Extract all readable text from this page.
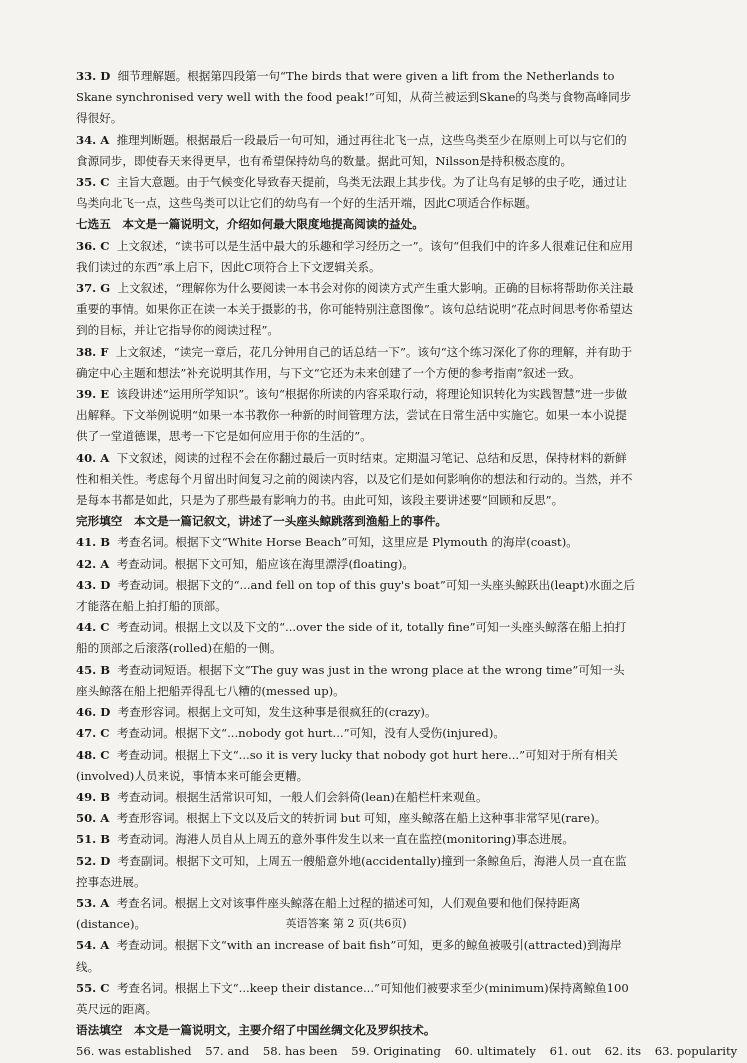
33. D 细节理解题。根据第四段第一句“The birds that were given a lift from the Netherlands to Skane synchronised very well with the food peak!”可知，从荷兰被运到Skane的鸟类与食物高峰同步得很好。

34. A 推理判断题。根据最后一段最后一句可知，通过再往北飞一点，这些鸟类至少在原则上可以与它们的食源同步，即使春天来得更早，也有希望保持幼鸟的数量。据此可知，Nilsson是持积极态度的。

35. C 主旨大意题。由于气候变化导致春天提前，鸟类无法跟上其步伐。为了让鸟有足够的虫子吃，通过让鸟类向北飞一点，这些鸟类可以让它们的幼鸟有一个好的生活开端，因此C项适合作标题。

七选五　本文是一篇说明文，介绍如何最大限度地提高阅读的益处。

36. C 上文叙述，“读书可以是生活中最大的乐趣和学习经历之一”。该句“但我们中的许多人很难记住和应用我们读过的东西”承上启下，因此C项符合上下文逻辑关系。

37. G 上文叙述，“理解你为什么要阅读一本书会对你的阅读方式产生重大影响。正确的目标将帮助你关注最重要的事情。如果你正在读一本关于摄影的书，你可能特别注意图像”。该句总结说明“花点时间思考你希望达到的目标，并让它指导你的阅读过程”。

38. F 上文叙述，“读完一章后，花几分钟用自己的话总结一下”。该句“这个练习深化了你的理解，并有助于确定中心主题和想法”补充说明其作用，与下文“它还为未来创建了一个方便的参考指南”叙述一致。

39. E 该段讲述“运用所学知识”。该句“根据你所读的内容采取行动，将理论知识转化为实践智慧”进一步做出解释。下文举例说明“如果一本书教你一种新的时间管理方法，尝试在日常生活中实施它。如果一本小说提供了一堂道德课，思考一下它是如何应用于你的生活的”。

40. A 下文叙述，阅读的过程不会在你翻过最后一页时结束。定期温习笔记、总结和反思，保持材料的新鲜性和相关性。考虑每个月留出时间复习之前的阅读内容，以及它们是如何影响你的想法和行动的。当然，并不是每本书都是如此，只是为了那些最有影响力的书。由此可知，该段主要讲述要“回顾和反思”。

完形填空　本文是一篇记叙文，讲述了一头座头鲸跳落到渔船上的事件。

41. B 考查名词。根据下文“White Horse Beach”可知，这里应是 Plymouth 的海岸(coast)。

42. A 考查动词。根据下文可知，船应该在海里漂浮(floating)。

43. D 考查动词。根据下文的“...and fell on top of this guy's boat”可知一头座头鲸跃出(leapt)水面之后才能落在船上拍打船的顶部。

44. C 考查动词。根据上文以及下文的“...over the side of it, totally fine”可知一头座头鲸落在船上拍打船的顶部之后滚落(rolled)在船的一侧。

45. B 考查动词短语。根据下文“The guy was just in the wrong place at the wrong time”可知一头座头鲸落在船上把船弄得乱七八糟的(messed up)。

46. D 考查形容词。根据上文可知，发生这种事是很疯狂的(crazy)。

47. C 考查动词。根据下文“...nobody got hurt...”可知，没有人受伤(injured)。

48. C 考查动词。根据上下文“...so it is very lucky that nobody got hurt here...”可知对于所有相关(involved)人员来说，事情本来可能会更糟。

49. B 考查动词。根据生活常识可知，一般人们会斜倚(lean)在船栏杆来观鱼。

50. A 考查形容词。根据上下文以及后文的转折词 but 可知，座头鲸落在船上这种事非常罕见(rare)。

51. B 考查动词。海港人员自从上周五的意外事件发生以来一直在监控(monitoring)事态进展。

52. D 考查副词。根据下文可知，上周五一艘船意外地(accidentally)撞到一条鲸鱼后，海港人员一直在监控事态进展。

53. A 考查名词。根据上文对该事件座头鲸落在船上过程的描述可知，人们观鱼要和他们保持距离(distance)。

54. A 考查动词。根据下文“with an increase of bait fish”可知，更多的鲸鱼被吸引(attracted)到海岸线。

55. C 考查名词。根据上下文“...keep their distance...”可知他们被要求至少(minimum)保持离鲸鱼100英尺远的距离。

语法填空　本文是一篇说明文，主要介绍了中国丝绸文化及罗织技术。

56. was established 57. and 58. has been 59. Originating 60. ultimately 61. out 62. its 63. popularity

英语答案 第 2 页(共6页)
